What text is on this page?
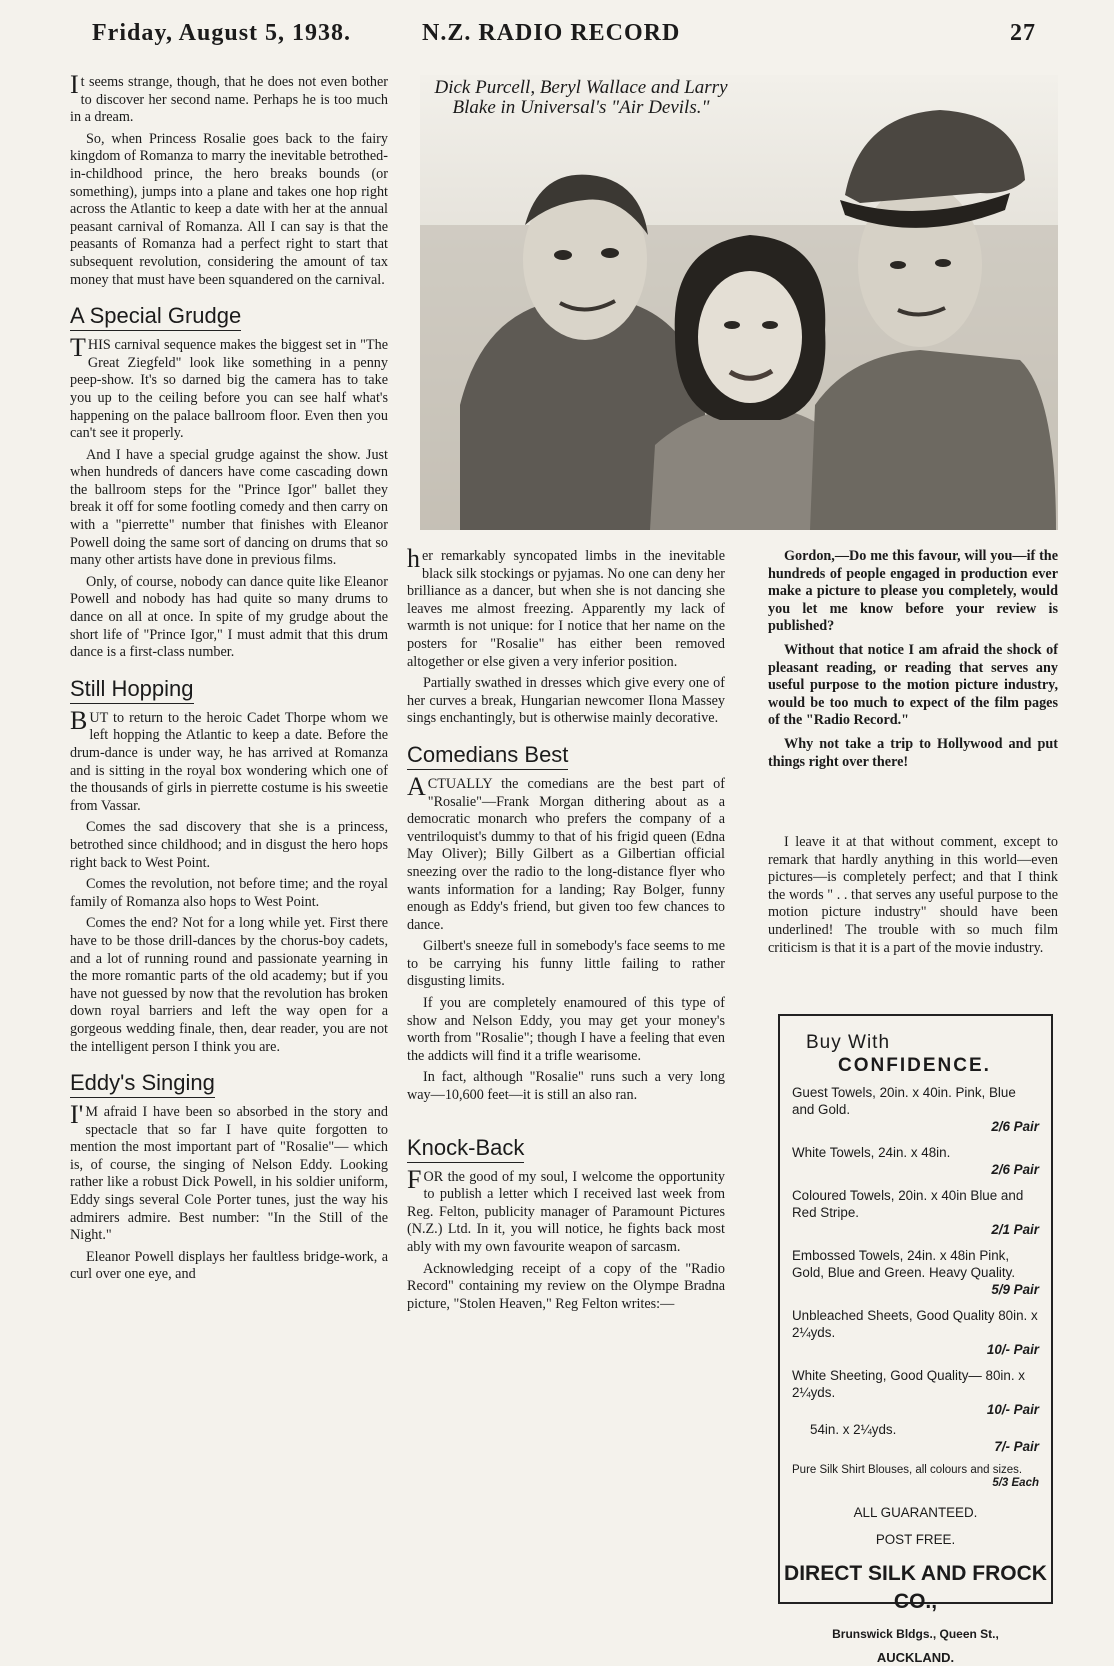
Friday, August 5, 1938.	N.Z. RADIO RECORD	27

It seems strange, though, that he does not even bother to discover her second name. Perhaps he is too much in a dream.

So, when Princess Rosalie goes back to the fairy kingdom of Romanza to marry the inevitable betrothed-in-childhood prince, the hero breaks bounds (or something), jumps into a plane and takes one hop right across the Atlantic to keep a date with her at the annual peasant carnival of Romanza. All I can say is that the peasants of Romanza had a perfect right to start that subsequent revolution, considering the amount of tax money that must have been squandered on the carnival.

A Special Grudge

THIS carnival sequence makes the biggest set in "The Great Ziegfeld" look like something in a penny peep-show. It's so darned big the camera has to take you up to the ceiling before you can see half what's happening on the palace ballroom floor. Even then you can't see it properly.

And I have a special grudge against the show. Just when hundreds of dancers have come cascading down the ballroom steps for the "Prince Igor" ballet they break it off for some footling comedy and then carry on with a "pierrette" number that finishes with Eleanor Powell doing the same sort of dancing on drums that so many other artists have done in previous films.

Only, of course, nobody can dance quite like Eleanor Powell and nobody has had quite so many drums to dance on all at once. In spite of my grudge about the short life of "Prince Igor," I must admit that this drum dance is a first-class number.

Still Hopping

BUT to return to the heroic Cadet Thorpe whom we left hopping the Atlantic to keep a date. Before the drum-dance is under way, he has arrived at Romanza and is sitting in the royal box wondering which one of the thousands of girls in pierrette costume is his sweetie from Vassar.

Comes the sad discovery that she is a princess, betrothed since childhood; and in disgust the hero hops right back to West Point.

Comes the revolution, not before time; and the royal family of Romanza also hops to West Point.

Comes the end? Not for a long while yet. First there have to be those drill-dances by the chorus-boy cadets, and a lot of running round and passionate yearning in the more romantic parts of the old academy; but if you have not guessed by now that the revolution has broken down royal barriers and left the way open for a gorgeous wedding finale, then, dear reader, you are not the intelligent person I think you are.

Eddy's Singing

I'M afraid I have been so absorbed in the story and spectacle that so far I have quite forgotten to mention the most important part of "Rosalie"— which is, of course, the singing of Nelson Eddy. Looking rather like a robust Dick Powell, in his soldier uniform, Eddy sings several Cole Porter tunes, just the way his admirers admire. Best number: "In the Still of the Night."

Eleanor Powell displays her faultless bridge-work, a curl over one eye, and

Dick Purcell, Beryl Wallace and Larry Blake in Universal's "Air Devils."

her remarkably syncopated limbs in the inevitable black silk stockings or pyjamas. No one can deny her brilliance as a dancer, but when she is not dancing she leaves me almost freezing. Apparently my lack of warmth is not unique: for I notice that her name on the posters for "Rosalie" has either been removed altogether or else given a very inferior position.

Partially swathed in dresses which give every one of her curves a break, Hungarian newcomer Ilona Massey sings enchantingly, but is otherwise mainly decorative.

Comedians Best

ACTUALLY the comedians are the best part of "Rosalie"—Frank Morgan dithering about as a democratic monarch who prefers the company of a ventriloquist's dummy to that of his frigid queen (Edna May Oliver); Billy Gilbert as a Gilbertian official sneezing over the radio to the long-distance flyer who wants information for a landing; Ray Bolger, funny enough as Eddy's friend, but given too few chances to dance.

Gilbert's sneeze full in somebody's face seems to me to be carrying his funny little failing to rather disgusting limits.

If you are completely enamoured of this type of show and Nelson Eddy, you may get your money's worth from "Rosalie"; though I have a feeling that even the addicts will find it a trifle wearisome.

In fact, although "Rosalie" runs such a very long way—10,600 feet—it is still an also ran.

Knock-Back

FOR the good of my soul, I welcome the opportunity to publish a letter which I received last week from Reg. Felton, publicity manager of Paramount Pictures (N.Z.) Ltd. In it, you will notice, he fights back most ably with my own favourite weapon of sarcasm.

Acknowledging receipt of a copy of the "Radio Record" containing my review on the Olympe Bradna picture, "Stolen Heaven," Reg Felton writes:—

Gordon,—Do me this favour, will you—if the hundreds of people engaged in production ever make a picture to please you completely, would you let me know before your review is published?

Without that notice I am afraid the shock of pleasant reading, or reading that serves any useful purpose to the motion picture industry, would be too much to expect of the film pages of the "Radio Record."

Why not take a trip to Hollywood and put things right over there!

I leave it at that without comment, except to remark that hardly anything in this world—even pictures—is completely perfect; and that I think the words " . . that serves any useful purpose to the motion picture industry" should have been underlined! The trouble with so much film criticism is that it is a part of the movie industry.

Buy With
CONFIDENCE.
Guest Towels, 20in. x 40in. Pink, Blue and Gold.
2/6 Pair
White Towels, 24in. x 48in.
2/6 Pair
Coloured Towels, 20in. x 40in Blue and Red Stripe.
2/1 Pair
Embossed Towels, 24in. x 48in Pink, Gold, Blue and Green. Heavy Quality.
5/9 Pair
Unbleached Sheets, Good Quality 80in. x 2¼yds.
10/- Pair
White Sheeting, Good Quality— 80in. x 2¼yds.
10/- Pair
54in. x 2¼yds.
7/- Pair
Pure Silk Shirt Blouses, all colours and sizes.
5/3 Each
ALL GUARANTEED.
POST FREE.
DIRECT SILK AND FROCK CO.,
Brunswick Bldgs., Queen St.,
AUCKLAND.
